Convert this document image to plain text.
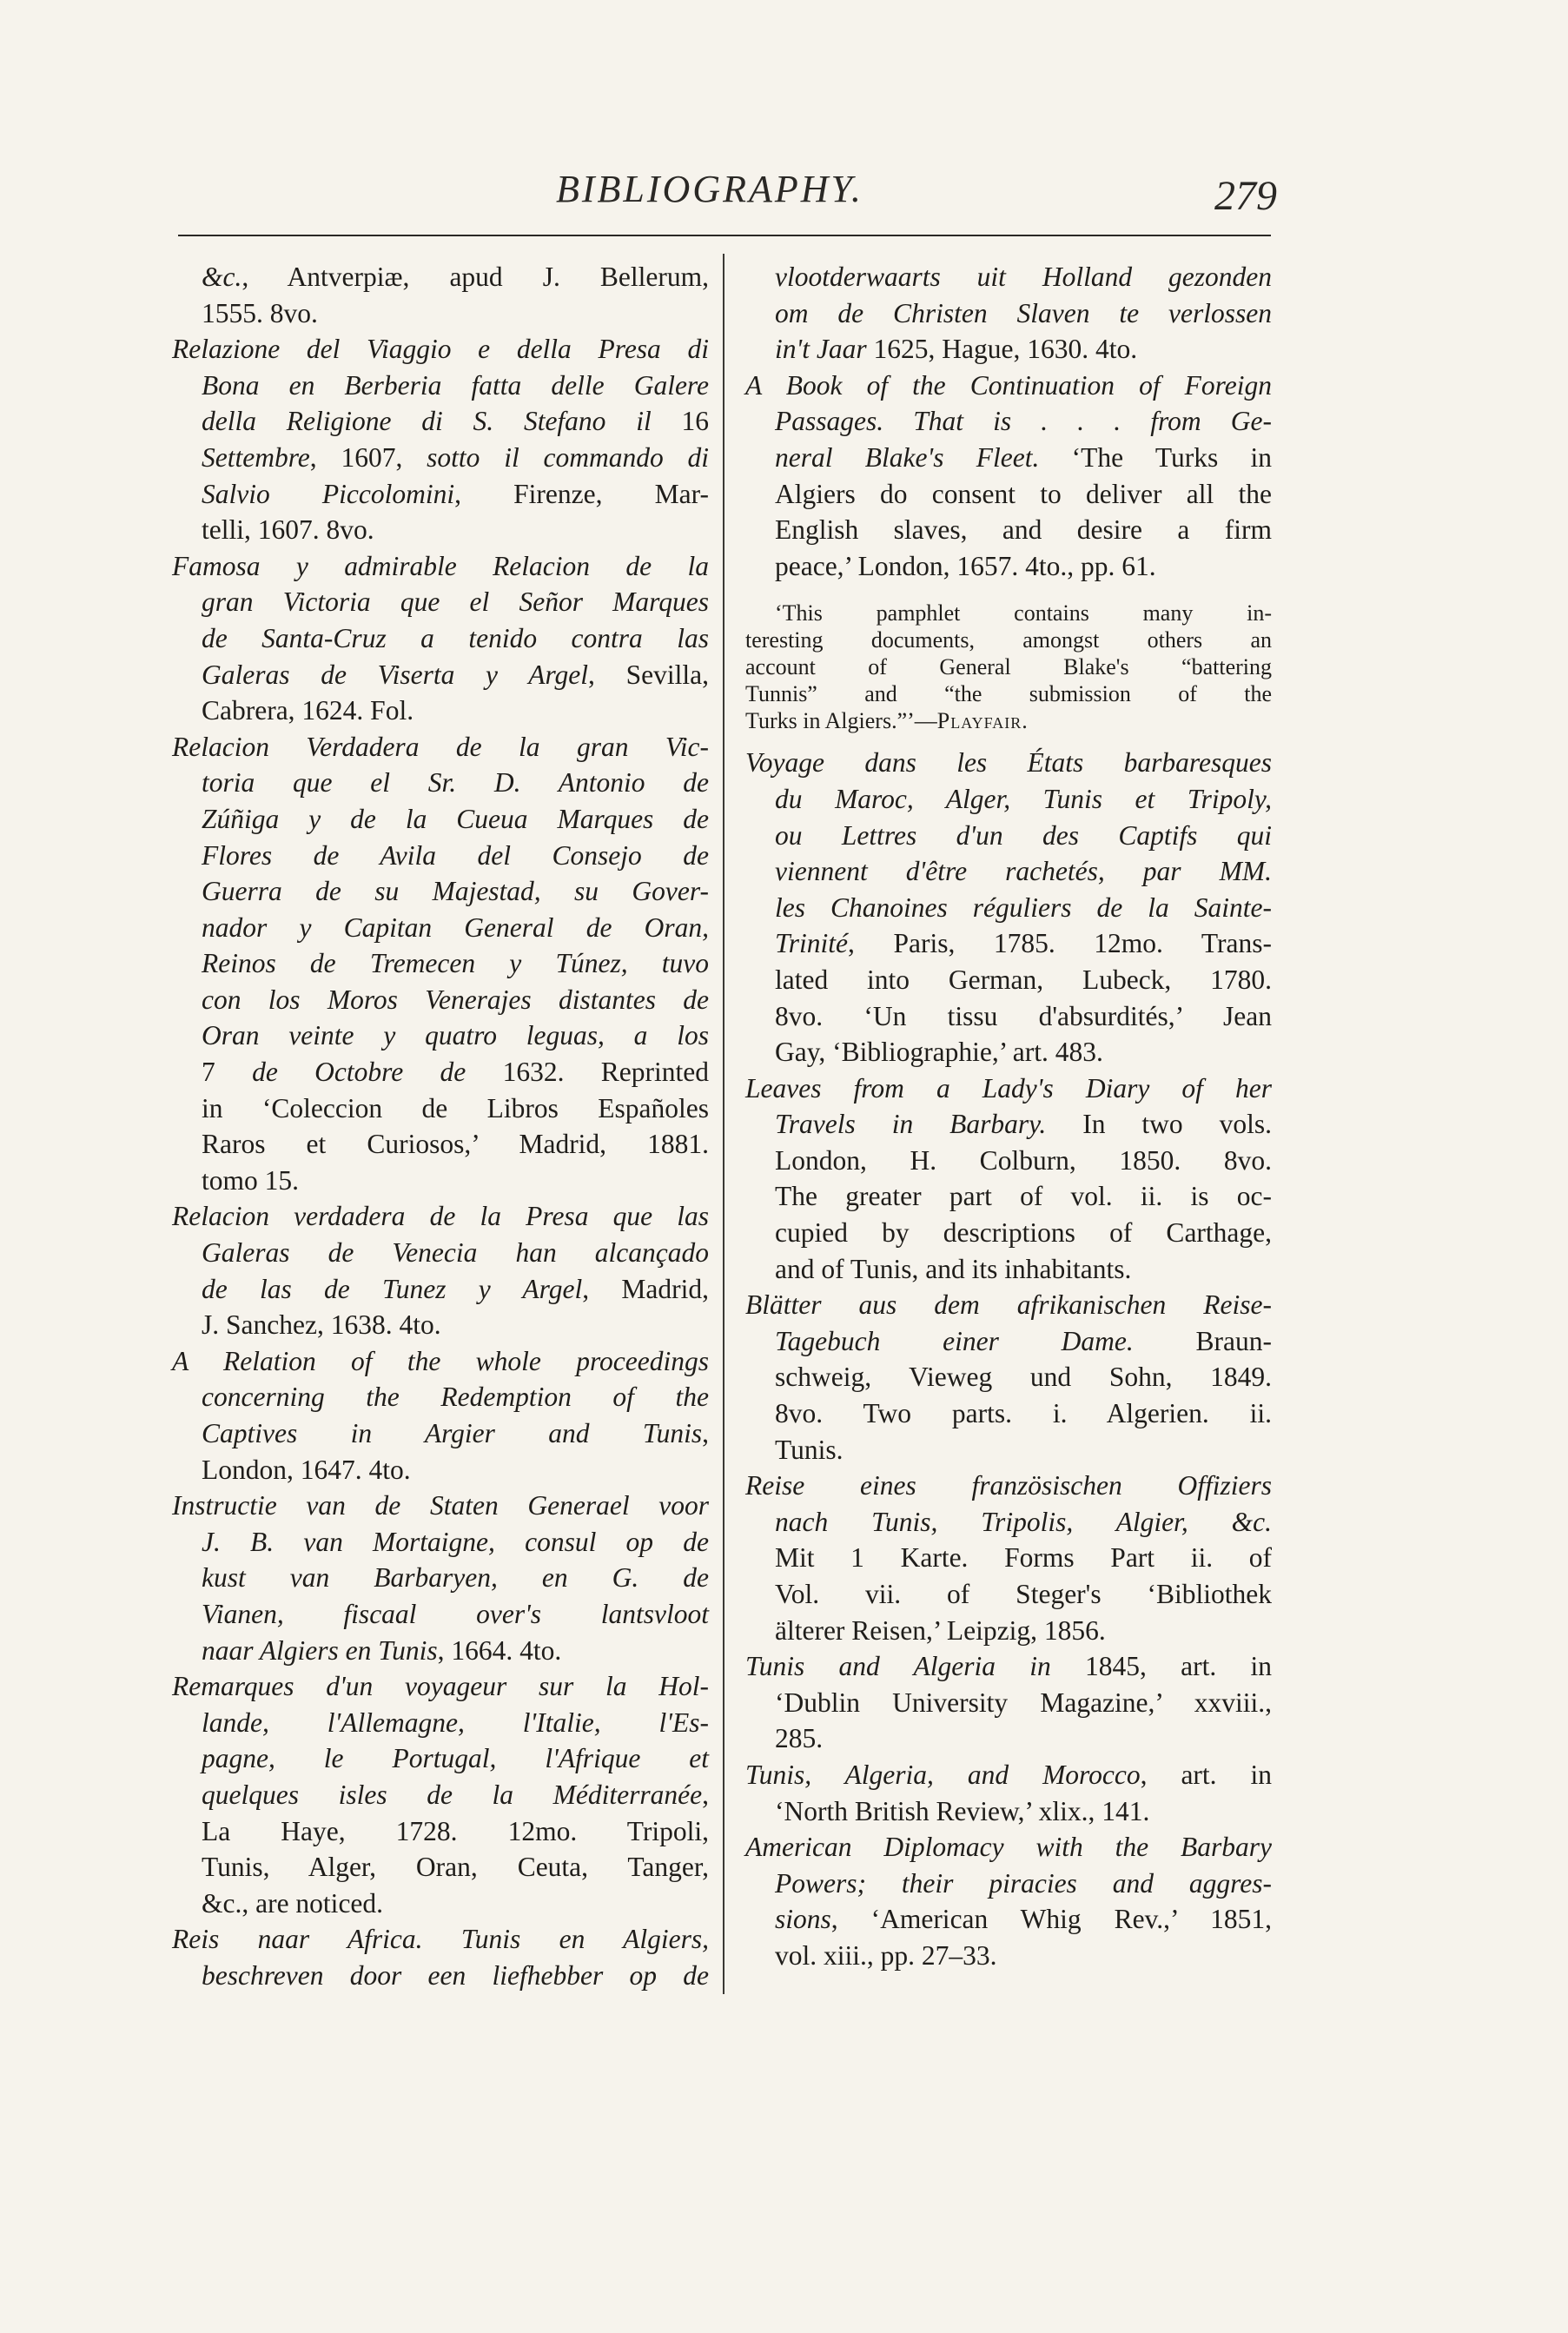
BIBLIOGRAPHY.	279
&c., Antverpiæ, apud J. Bellerum,
1555. 8vo.
Relazione del Viaggio e della Presa di
Bona en Berberia fatta delle Galere
della Religione di S. Stefano il 16
Settembre, 1607, sotto il commando di
Salvio Piccolomini, Firenze, Mar-
telli, 1607. 8vo.
Famosa y admirable Relacion de la
gran Victoria que el Señor Marques
de Santa-Cruz a tenido contra las
Galeras de Viserta y Argel, Sevilla,
Cabrera, 1624. Fol.
Relacion Verdadera de la gran Vic-
toria que el Sr. D. Antonio de
Zúñiga y de la Cueua Marques de
Flores de Avila del Consejo de
Guerra de su Majestad, su Gover-
nador y Capitan General de Oran,
Reinos de Tremecen y Túnez, tuvo
con los Moros Venerajes distantes de
Oran veinte y quatro leguas, a los
7 de Octobre de 1632. Reprinted
in ‘Coleccion de Libros Españoles
Raros et Curiosos,’ Madrid, 1881.
tomo 15.
Relacion verdadera de la Presa que las
Galeras de Venecia han alcançado
de las de Tunez y Argel, Madrid,
J. Sanchez, 1638. 4to.
A Relation of the whole proceedings
concerning the Redemption of the
Captives in Argier and Tunis,
London, 1647. 4to.
Instructie van de Staten Generael voor
J. B. van Mortaigne, consul op de
kust van Barbaryen, en G. de
Vianen, fiscaal over's lantsvloot
naar Algiers en Tunis, 1664. 4to.
Remarques d'un voyageur sur la Hol-
lande, l'Allemagne, l'Italie, l'Es-
pagne, le Portugal, l'Afrique et
quelques isles de la Méditerranée,
La Haye, 1728. 12mo. Tripoli,
Tunis, Alger, Oran, Ceuta, Tanger,
&c., are noticed.
Reis naar Africa. Tunis en Algiers,
beschreven door een liefhebber op de
vlootderwaarts uit Holland gezonden
om de Christen Slaven te verlossen
in't Jaar 1625, Hague, 1630. 4to.
A Book of the Continuation of Foreign
Passages. That is . . . from Ge-
neral Blake's Fleet. ‘The Turks in
Algiers do consent to deliver all the
English slaves, and desire a firm
peace,’ London, 1657. 4to., pp. 61.
‘This pamphlet contains many in-
teresting documents, amongst others an
account of General Blake's “battering
Tunnis” and “the submission of the
Turks in Algiers.”’—Playfair.
Voyage dans les États barbaresques
du Maroc, Alger, Tunis et Tripoly,
ou Lettres d'un des Captifs qui
viennent d'être rachetés, par MM.
les Chanoines réguliers de la Sainte-
Trinité, Paris, 1785. 12mo. Trans-
lated into German, Lubeck, 1780.
8vo. ‘Un tissu d'absurdités,’ Jean
Gay, ‘Bibliographie,’ art. 483.
Leaves from a Lady's Diary of her
Travels in Barbary. In two vols.
London, H. Colburn, 1850. 8vo.
The greater part of vol. ii. is oc-
cupied by descriptions of Carthage,
and of Tunis, and its inhabitants.
Blätter aus dem afrikanischen Reise-
Tagebuch einer Dame. Braun-
schweig, Vieweg und Sohn, 1849.
8vo. Two parts. i. Algerien. ii.
Tunis.
Reise eines französischen Offiziers
nach Tunis, Tripolis, Algier, &c.
Mit 1 Karte. Forms Part ii. of
Vol. vii. of Steger's ‘Bibliothek
älterer Reisen,’ Leipzig, 1856.
Tunis and Algeria in 1845, art. in
‘Dublin University Magazine,’ xxviii.,
285.
Tunis, Algeria, and Morocco, art. in
‘North British Review,’ xlix., 141.
American Diplomacy with the Barbary
Powers; their piracies and aggres-
sions, ‘American Whig Rev.,’ 1851,
vol. xiii., pp. 27–33.
